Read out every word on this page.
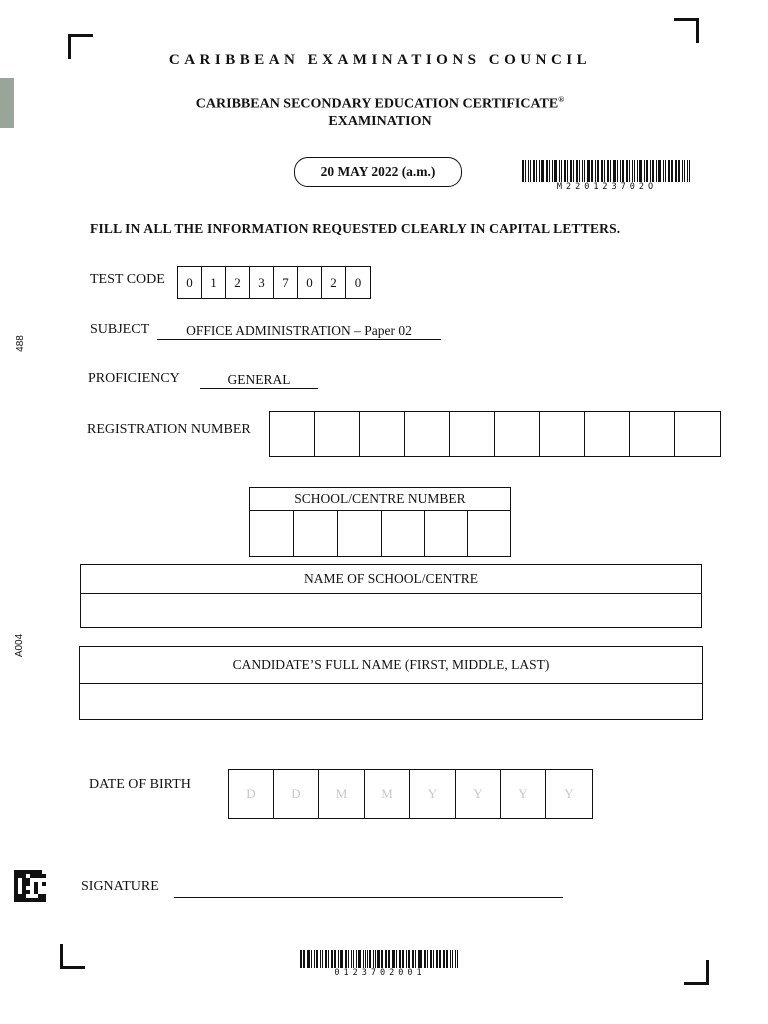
488
A004
CARIBBEAN EXAMINATIONS COUNCIL
CARIBBEAN SECONDARY EDUCATION CERTIFICATE®
EXAMINATION
20 MAY 2022 (a.m.)
M220123702O
FILL IN ALL THE INFORMATION REQUESTED CLEARLY IN CAPITAL LETTERS.
TEST CODE	0	1	2	3	7	0	2	0
SUBJECT	OFFICE ADMINISTRATION – Paper 02
PROFICIENCY	GENERAL
REGISTRATION NUMBER
SCHOOL/CENTRE NUMBER
NAME OF SCHOOL/CENTRE
CANDIDATE’S FULL NAME (FIRST, MIDDLE, LAST)
DATE OF BIRTH
D	D	M	M	Y	Y	Y	Y
SIGNATURE
0123702001
